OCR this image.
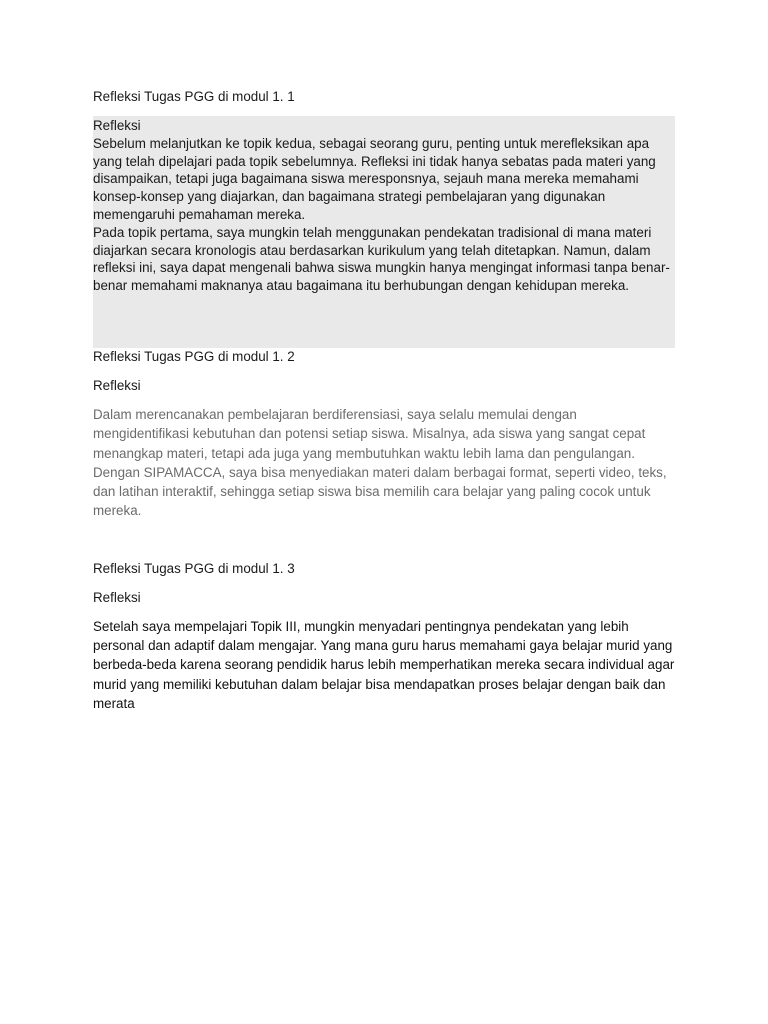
Refleksi Tugas PGG di modul 1. 1

Refleksi

Sebelum melanjutkan ke topik kedua, sebagai seorang guru, penting untuk merefleksikan apa yang telah dipelajari pada topik sebelumnya. Refleksi ini tidak hanya sebatas pada materi yang disampaikan, tetapi juga bagaimana siswa meresponsnya, sejauh mana mereka memahami konsep-konsep yang diajarkan, dan bagaimana strategi pembelajaran yang digunakan memengaruhi pemahaman mereka.

Pada topik pertama, saya mungkin telah menggunakan pendekatan tradisional di mana materi diajarkan secara kronologis atau berdasarkan kurikulum yang telah ditetapkan. Namun, dalam refleksi ini, saya dapat mengenali bahwa siswa mungkin hanya mengingat informasi tanpa benar-benar memahami maknanya atau bagaimana itu berhubungan dengan kehidupan mereka.

Refleksi Tugas PGG di modul 1. 2
Refleksi

Dalam merencanakan pembelajaran berdiferensiasi, saya selalu memulai dengan mengidentifikasi kebutuhan dan potensi setiap siswa. Misalnya, ada siswa yang sangat cepat menangkap materi, tetapi ada juga yang membutuhkan waktu lebih lama dan pengulangan. Dengan SIPAMACCA, saya bisa menyediakan materi dalam berbagai format, seperti video, teks, dan latihan interaktif, sehingga setiap siswa bisa memilih cara belajar yang paling cocok untuk mereka.

Refleksi Tugas PGG di modul 1. 3
Refleksi

Setelah saya mempelajari Topik III, mungkin menyadari pentingnya pendekatan yang lebih personal dan adaptif dalam mengajar. Yang mana guru harus memahami gaya belajar murid yang berbeda-beda karena seorang pendidik harus lebih memperhatikan mereka secara individual agar murid yang memiliki kebutuhan dalam belajar bisa mendapatkan proses belajar dengan baik dan merata
